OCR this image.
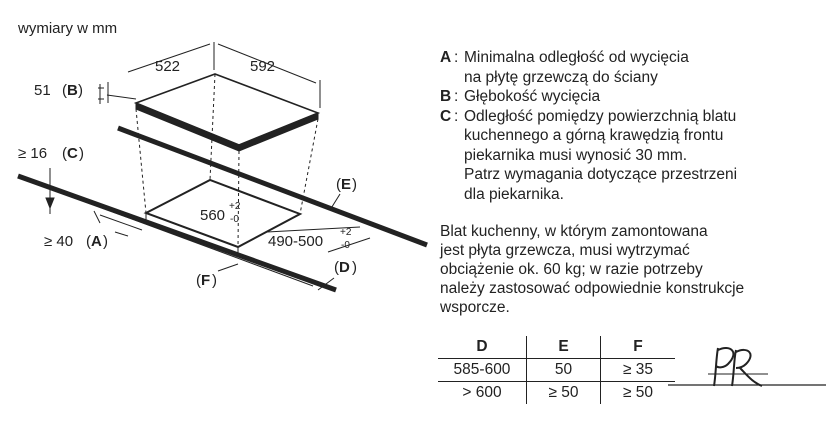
wymiary w mm
522	592
51 ( B )
≥ 16 ( C )
≥ 40 ( A )
560
+2
-0
490-500
+2
-0
( E )
( D )
( F )
A : Minimalna odległość od wycięcia
na płytę grzewczą do ściany
B : Głębokość wycięcia
C : Odległość pomiędzy powierzchnią blatu
kuchennego a górną krawędzią frontu
piekarnika musi wynosić 30 mm.
Patrz wymagania dotyczące przestrzeni
dla piekarnika.
Blat kuchenny, w którym zamontowana
jest płyta grzewcza, musi wytrzymać
obciążenie ok. 60 kg; w razie potrzeby
należy zastosować odpowiednie konstrukcje
wsporcze.
D	E	F
585-600	50	≥ 35
> 600	≥ 50	≥ 50
